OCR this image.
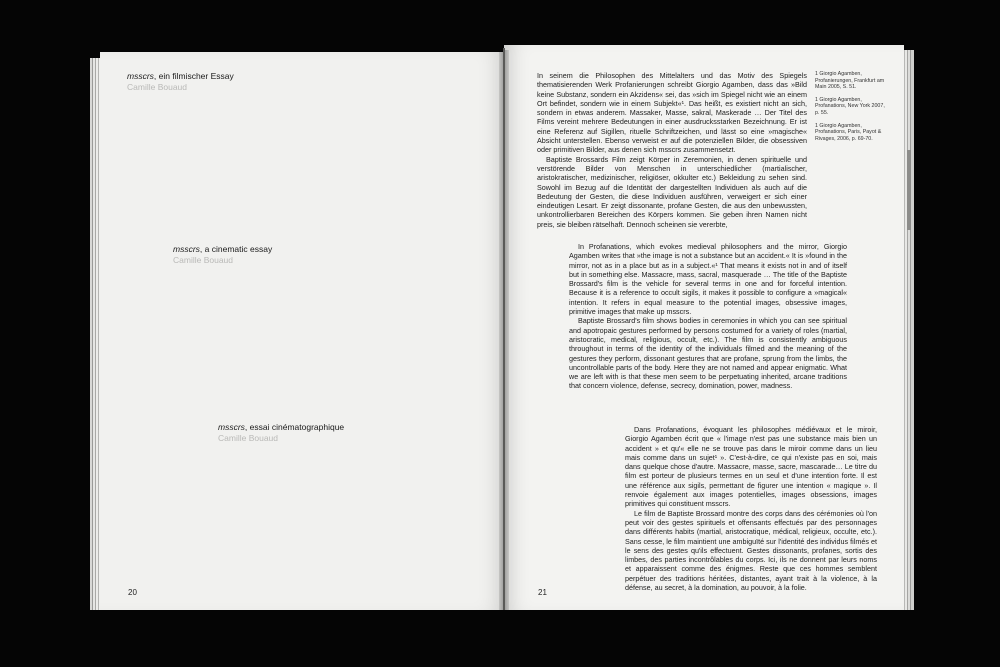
msscrs, ein filmischer Essay
Camille Bouaud
msscrs, a cinematic essay
Camille Bouaud
msscrs, essai cinématographique
Camille Bouaud
20	21

In seinem die Philosophen des Mittelalters und das Motiv des Spiegels thematisierenden Werk Profanierungen schreibt Giorgio Agamben, dass das »Bild keine Substanz, sondern ein Akzidens« sei, das »sich im Spiegel nicht wie an einem Ort befindet, sondern wie in einem Subjekt«¹. Das heißt, es existiert nicht an sich, sondern in etwas anderem. Massaker, Masse, sakral, Maskerade … Der Titel des Films vereint mehrere Bedeutungen in einer ausdrucksstarken Bezeichnung. Er ist eine Referenz auf Sigillen, rituelle Schriftzeichen, und lässt so eine »magische« Absicht unterstellen. Ebenso verweist er auf die potenziellen Bilder, die obsessiven oder primitiven Bilder, aus denen sich msscrs zusammensetzt.

Baptiste Brossards Film zeigt Körper in Zeremonien, in denen spirituelle und verstörende Bilder von Menschen in unterschiedlicher (martialischer, aristokratischer, medizinischer, religiöser, okkulter etc.) Bekleidung zu sehen sind. Sowohl im Bezug auf die Identität der dargestellten Individuen als auch auf die Bedeutung der Gesten, die diese Individuen ausführen, verweigert er sich einer eindeutigen Lesart. Er zeigt dissonante, profane Gesten, die aus den unbewussten, unkontrollierbaren Bereichen des Körpers kommen. Sie geben ihren Namen nicht preis, sie bleiben rätselhaft. Dennoch scheinen sie vererbte,

1 Giorgio Agamben, Profanierungen, Frankfurt am Main 2005, S. 51.
1 Giorgio Agamben, Profanations, New York 2007, p. 55.
1 Giorgio Agamben, Profanations, Paris, Payot & Rivages, 2006, p. 69-70.

In Profanations, which evokes medieval philosophers and the mirror, Giorgio Agamben writes that »the image is not a substance but an accident.« It is »found in the mirror, not as in a place but as in a subject.«¹ That means it exists not in and of itself but in something else. Massacre, mass, sacral, masquerade … The title of the Baptiste Brossard's film is the vehicle for several terms in one and for forceful intention. Because it is a reference to occult sigils, it makes it possible to configure a »magical« intention. It refers in equal measure to the potential images, obsessive images, primitive images that make up msscrs.

Baptiste Brossard's film shows bodies in ceremonies in which you can see spiritual and apotropaic gestures performed by persons costumed for a variety of roles (martial, aristocratic, medical, religious, occult, etc.). The film is consistently ambiguous throughout in terms of the identity of the individuals filmed and the meaning of the gestures they perform, dissonant gestures that are profane, sprung from the limbs, the uncontrollable parts of the body. Here they are not named and appear enigmatic. What we are left with is that these men seem to be perpetuating inherited, arcane traditions that concern violence, defense, secrecy, domination, power, madness.

Dans Profanations, évoquant les philosophes médiévaux et le miroir, Giorgio Agamben écrit que « l'image n'est pas une substance mais bien un accident » et qu'« elle ne se trouve pas dans le miroir comme dans un lieu mais comme dans un sujet¹ ». C'est-à-dire, ce qui n'existe pas en soi, mais dans quelque chose d'autre. Massacre, masse, sacre, mascarade… Le titre du film est porteur de plusieurs termes en un seul et d'une intention forte. Il est une référence aux sigils, permettant de figurer une intention « magique ». Il renvoie également aux images potentielles, images obsessions, images primitives qui constituent msscrs.

Le film de Baptiste Brossard montre des corps dans des cérémonies où l'on peut voir des gestes spirituels et offensants effectués par des personnages dans différents habits (martial, aristocratique, médical, religieux, occulte, etc.). Sans cesse, le film maintient une ambiguïté sur l'identité des individus filmés et le sens des gestes qu'ils effectuent. Gestes dissonants, profanes, sortis des limbes, des parties incontrôlables du corps. Ici, ils ne donnent par leurs noms et apparaissent comme des énigmes. Reste que ces hommes semblent perpétuer des traditions héritées, distantes, ayant trait à la violence, à la défense, au secret, à la domination, au pouvoir, à la folie.
